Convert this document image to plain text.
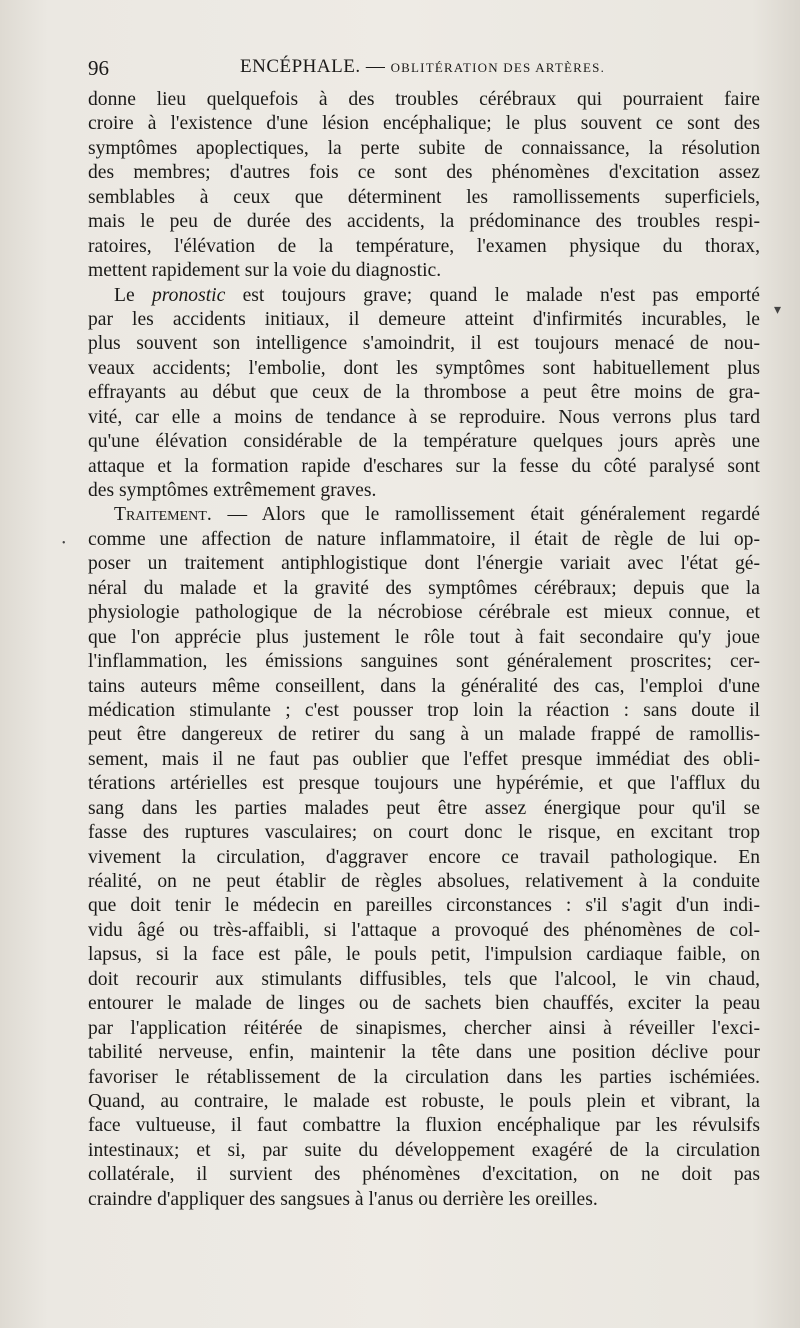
96	ENCÉPHALE. — OBLITÉRATION DES ARTÈRES.
donne lieu quelquefois à des troubles cérébraux qui pourraient faire
croire à l'existence d'une lésion encéphalique; le plus souvent ce sont des
symptômes apoplectiques, la perte subite de connaissance, la résolution
des membres; d'autres fois ce sont des phénomènes d'excitation assez
semblables à ceux que déterminent les ramollissements superficiels,
mais le peu de durée des accidents, la prédominance des troubles respi-
ratoires, l'élévation de la température, l'examen physique du thorax,
mettent rapidement sur la voie du diagnostic.
Le pronostic est toujours grave; quand le malade n'est pas emporté
par les accidents initiaux, il demeure atteint d'infirmités incurables, le
plus souvent son intelligence s'amoindrit, il est toujours menacé de nou-
veaux accidents; l'embolie, dont les symptômes sont habituellement plus
effrayants au début que ceux de la thrombose a peut être moins de gra-
vité, car elle a moins de tendance à se reproduire. Nous verrons plus tard
qu'une élévation considérable de la température quelques jours après une
attaque et la formation rapide d'eschares sur la fesse du côté paralysé sont
des symptômes extrêmement graves.
Traitement. — Alors que le ramollissement était généralement regardé
comme une affection de nature inflammatoire, il était de règle de lui op-
poser un traitement antiphlogistique dont l'énergie variait avec l'état gé-
néral du malade et la gravité des symptômes cérébraux; depuis que la
physiologie pathologique de la nécrobiose cérébrale est mieux connue, et
que l'on apprécie plus justement le rôle tout à fait secondaire qu'y joue
l'inflammation, les émissions sanguines sont généralement proscrites; cer-
tains auteurs même conseillent, dans la généralité des cas, l'emploi d'une
médication stimulante ; c'est pousser trop loin la réaction : sans doute il
peut être dangereux de retirer du sang à un malade frappé de ramollis-
sement, mais il ne faut pas oublier que l'effet presque immédiat des obli-
térations artérielles est presque toujours une hypérémie, et que l'afflux du
sang dans les parties malades peut être assez énergique pour qu'il se
fasse des ruptures vasculaires; on court donc le risque, en excitant trop
vivement la circulation, d'aggraver encore ce travail pathologique. En
réalité, on ne peut établir de règles absolues, relativement à la conduite
que doit tenir le médecin en pareilles circonstances : s'il s'agit d'un indi-
vidu âgé ou très-affaibli, si l'attaque a provoqué des phénomènes de col-
lapsus, si la face est pâle, le pouls petit, l'impulsion cardiaque faible, on
doit recourir aux stimulants diffusibles, tels que l'alcool, le vin chaud,
entourer le malade de linges ou de sachets bien chauffés, exciter la peau
par l'application réitérée de sinapismes, chercher ainsi à réveiller l'exci-
tabilité nerveuse, enfin, maintenir la tête dans une position déclive pour
favoriser le rétablissement de la circulation dans les parties ischémiées.
Quand, au contraire, le malade est robuste, le pouls plein et vibrant, la
face vultueuse, il faut combattre la fluxion encéphalique par les révulsifs
intestinaux; et si, par suite du développement exagéré de la circulation
collatérale, il survient des phénomènes d'excitation, on ne doit pas
craindre d'appliquer des sangsues à l'anus ou derrière les oreilles.
▾
•
